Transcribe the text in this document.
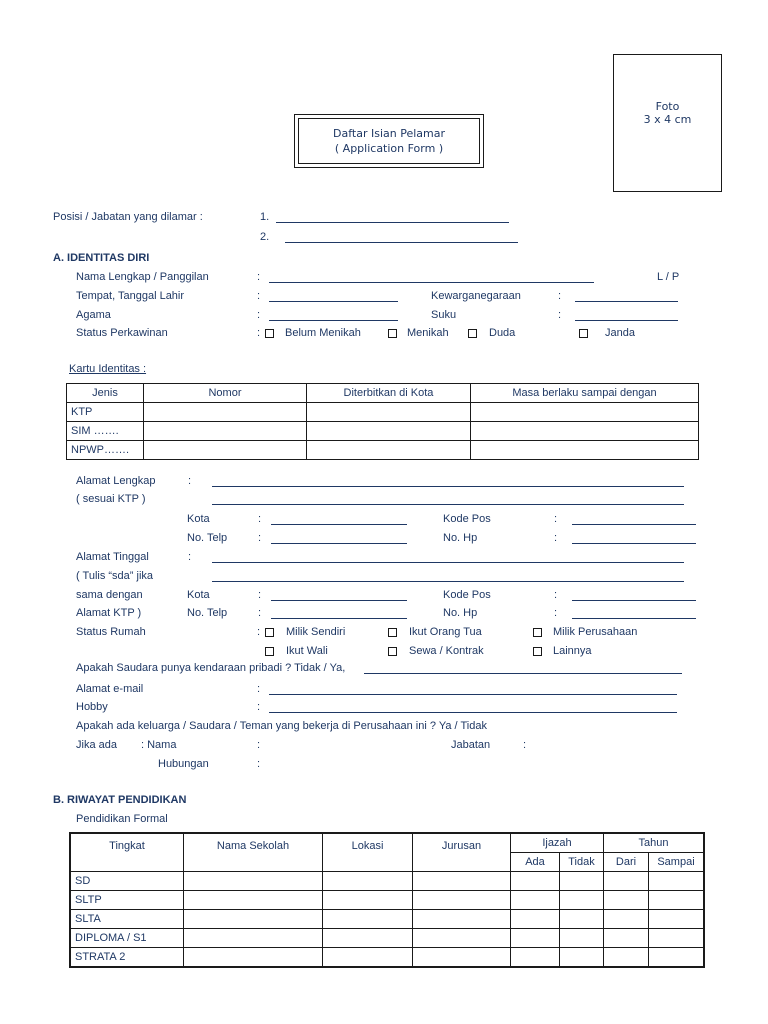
Foto
3 x 4 cm
Daftar Isian Pelamar
( Application Form )
Posisi / Jabatan yang dilamar :	1.
2.
A. IDENTITAS DIRI
Nama Lengkap / Panggilan	:	L / P
Tempat, Tanggal Lahir	:	Kewarganegaraan	:
Agama	:	Suku	:
Status Perkawinan	: Belum Menikah	Menikah	Duda	Janda
Kartu Identitas :
Jenis	Nomor	Diterbitkan di Kota	Masa berlaku sampai dengan
KTP			
SIM …….			
NPWP…….			
Alamat Lengkap	:
( sesuai KTP )
Kota	:	Kode Pos	:
No. Telp	:	No. Hp	:
Alamat Tinggal	:
( Tulis “sda” jika
sama dengan	Kota	:	Kode Pos	:
Alamat KTP )	No. Telp	:	No. Hp	:
Status Rumah	: Milik Sendiri	Ikut Orang Tua	Milik Perusahaan
Ikut Wali	Sewa / Kontrak	Lainnya
Apakah Saudara punya kendaraan pribadi ? Tidak / Ya,
Alamat e-mail	:
Hobby	:
Apakah ada keluarga / Saudara / Teman yang bekerja di Perusahaan ini ? Ya / Tidak
Jika ada : Nama	:	Jabatan	:
Hubungan	:
B. RIWAYAT PENDIDIKAN
Pendidikan Formal
Tingkat	Nama Sekolah	Lokasi	Jurusan	Ijazah		Tahun	
				Ada	Tidak	Dari	Sampai
SD							
SLTP							
SLTA							
DIPLOMA / S1							
STRATA 2							
